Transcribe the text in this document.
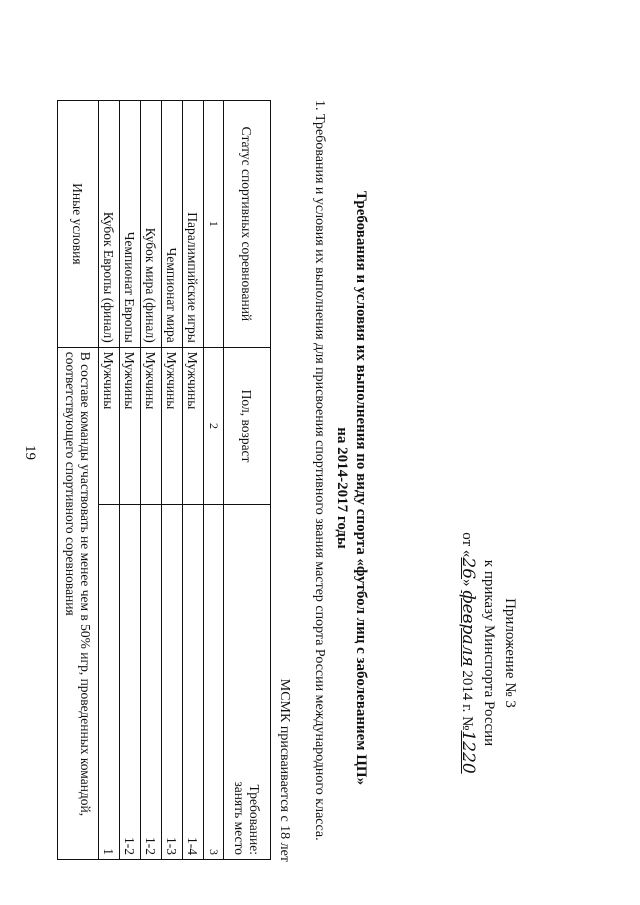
19
Приложение № 3
к приказу Минспорта России
от «26» февраля 2014 г. №1220
Требования и условия их выполнения по виду спорта «футбол лиц с заболеванием ЦП»
на 2014-2017 годы
1. Требования и условия их выполнения для присвоения спортивного звания мастер спорта России международного класса.
МСМК присваивается с 18 лет
Статус спортивных соревнований	Пол, возраст	Требование:
занять место

1	2	3
Паралимпийские игры	Мужчины	1-4
Чемпионат мира	Мужчины	1-3
Кубок мира (финал)	Мужчины	1-2
Чемпионат Европы	Мужчины	1-2
Кубок Европы (финал)	Мужчины	1
Иные условия	В составе команды участвовать не менее чем в 50% игр, проведенных командой, соответствующего спортивного соревнования	
